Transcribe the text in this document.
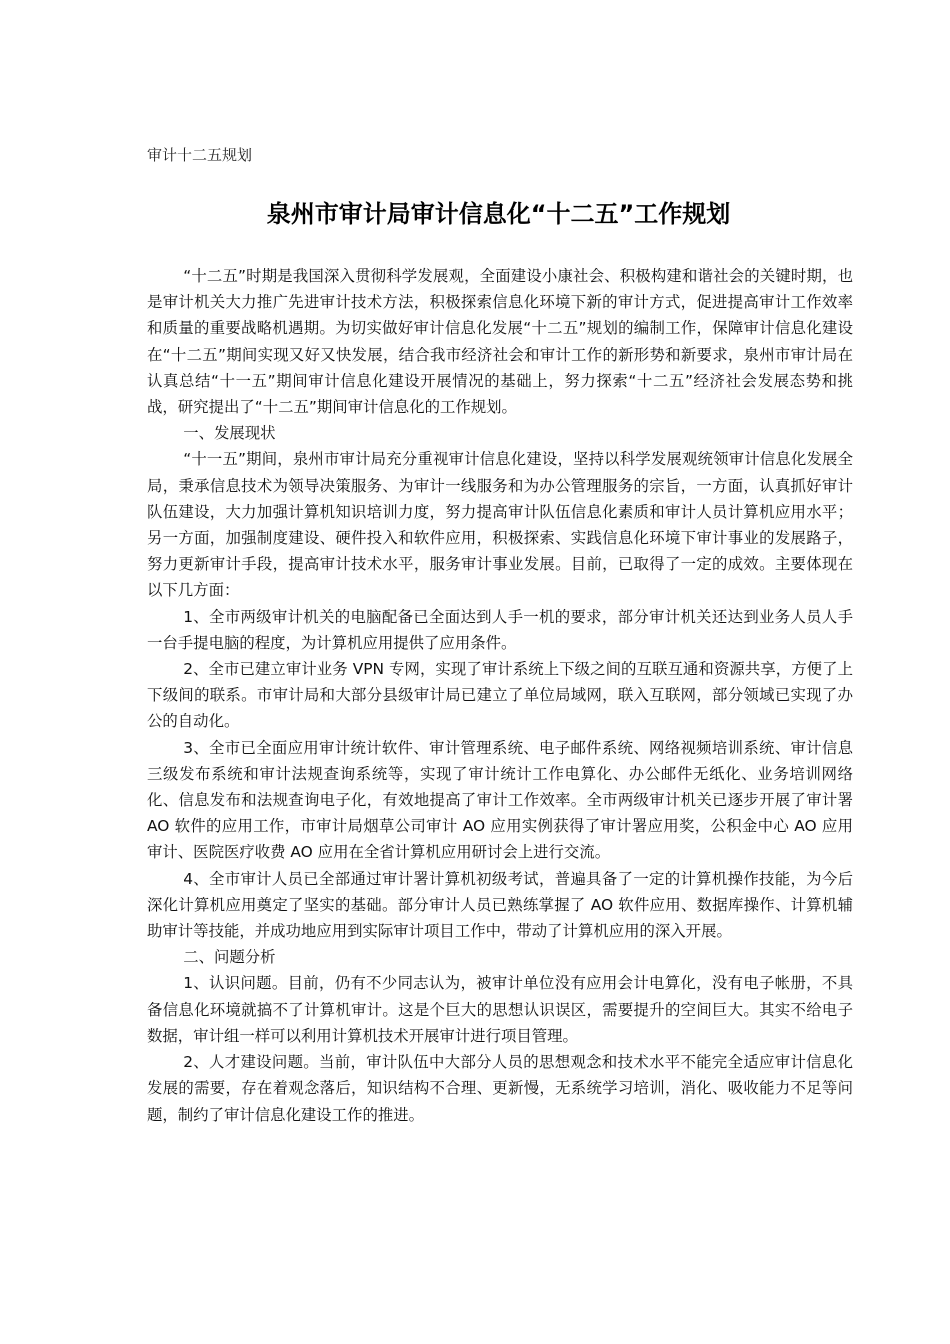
审计十二五规划
泉州市审计局审计信息化“十二五”工作规划

“十二五”时期是我国深入贯彻科学发展观，全面建设小康社会、积极构建和谐社会的关键时期，也是审计机关大力推广先进审计技术方法，积极探索信息化环境下新的审计方式，促进提高审计工作效率和质量的重要战略机遇期。为切实做好审计信息化发展“十二五”规划的编制工作，保障审计信息化建设在“十二五”期间实现又好又快发展，结合我市经济社会和审计工作的新形势和新要求，泉州市审计局在认真总结“十一五”期间审计信息化建设开展情况的基础上，努力探索“十二五”经济社会发展态势和挑战，研究提出了“十二五”期间审计信息化的工作规划。

一、发展现状

“十一五”期间，泉州市审计局充分重视审计信息化建设，坚持以科学发展观统领审计信息化发展全局，秉承信息技术为领导决策服务、为审计一线服务和为办公管理服务的宗旨，一方面，认真抓好审计队伍建设，大力加强计算机知识培训力度，努力提高审计队伍信息化素质和审计人员计算机应用水平；另一方面，加强制度建设、硬件投入和软件应用，积极探索、实践信息化环境下审计事业的发展路子，努力更新审计手段，提高审计技术水平，服务审计事业发展。目前，已取得了一定的成效。主要体现在以下几方面：

1、全市两级审计机关的电脑配备已全面达到人手一机的要求，部分审计机关还达到业务人员人手一台手提电脑的程度，为计算机应用提供了应用条件。

2、全市已建立审计业务 VPN 专网，实现了审计系统上下级之间的互联互通和资源共享，方便了上下级间的联系。市审计局和大部分县级审计局已建立了单位局域网，联入互联网，部分领域已实现了办公的自动化。

3、全市已全面应用审计统计软件、审计管理系统、电子邮件系统、网络视频培训系统、审计信息三级发布系统和审计法规查询系统等，实现了审计统计工作电算化、办公邮件无纸化、业务培训网络化、信息发布和法规查询电子化，有效地提高了审计工作效率。全市两级审计机关已逐步开展了审计署 AO 软件的应用工作，市审计局烟草公司审计 AO 应用实例获得了审计署应用奖，公积金中心 AO 应用审计、医院医疗收费 AO 应用在全省计算机应用研讨会上进行交流。

4、全市审计人员已全部通过审计署计算机初级考试，普遍具备了一定的计算机操作技能，为今后深化计算机应用奠定了坚实的基础。部分审计人员已熟练掌握了 AO 软件应用、数据库操作、计算机辅助审计等技能，并成功地应用到实际审计项目工作中，带动了计算机应用的深入开展。

二、问题分析

1、认识问题。目前，仍有不少同志认为，被审计单位没有应用会计电算化，没有电子帐册，不具备信息化环境就搞不了计算机审计。这是个巨大的思想认识误区，需要提升的空间巨大。其实不给电子数据，审计组一样可以利用计算机技术开展审计进行项目管理。

2、人才建设问题。当前，审计队伍中大部分人员的思想观念和技术水平不能完全适应审计信息化发展的需要，存在着观念落后，知识结构不合理、更新慢，无系统学习培训，消化、吸收能力不足等问题，制约了审计信息化建设工作的推进。
